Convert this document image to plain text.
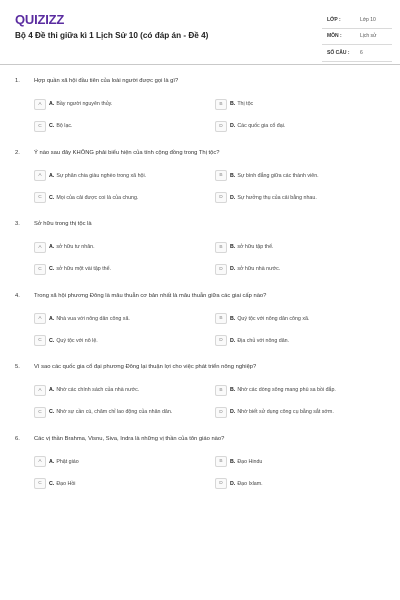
QUIZIZZ
Bộ 4 Đề thi giữa kì 1 Lịch Sử 10 (có đáp án - Đề 4)
LỚP :	Lớp 10
MÔN :	Lịch sử
SỐ CÂU :	6
1. Hợp quần xã hội đầu tiên của loài người được gọi là gì?
A	A. Bầy người nguyên thủy.	B	B. Thị tộc
C	C. Bộ lạc.	D	D. Các quốc gia cổ đại.
2. Ý nào sau đây KHÔNG phải biểu hiện của tính cộng đồng trong Thị tộc?
A	A. Sự phân chia giàu nghèo trong xã hội.	B	B. Sự bình đẳng giữa các thành viên.
C	C. Mọi của cải được coi là của chung.	D	D. Sự hưởng thụ của cải bằng nhau.
3. Sở hữu trong thị tộc là
A	A. sở hữu tư nhân.	B	B. sở hữu tập thể.
C	C. sở hữu một vài tập thể.	D	D. sở hữu nhà nước.
4. Trong xã hội phương Đông là mâu thuẫn cơ bản nhất là mâu thuẫn giữa các giai cấp nào?
A	A. Nhà vua với nông dân công xã.	B	B. Quý tộc với nông dân công xã.
C	C. Quý tộc với nô lệ.	D	D. Địa chủ với nông dân.
5. Vì sao các quốc gia cổ đại phương Đông lại thuận lợi cho việc phát triển nông nghiệp?
A	A. Nhờ các chính sách của nhà nước.	B	B. Nhờ các dòng sông mang phù sa bồi đắp.
C	C. Nhờ sự cần cù, chăm chỉ lao động của nhân dân.	D	D. Nhờ biết sử dụng công cụ bằng sắt sớm.
6. Các vị thần Brahma, Visnu, Siva, Indra là những vị thần của tôn giáo nào?
A	A. Phật giáo	B	B. Đạo Hindu
C	C. Đạo Hồi	D	D. Đạo Ixlam.
